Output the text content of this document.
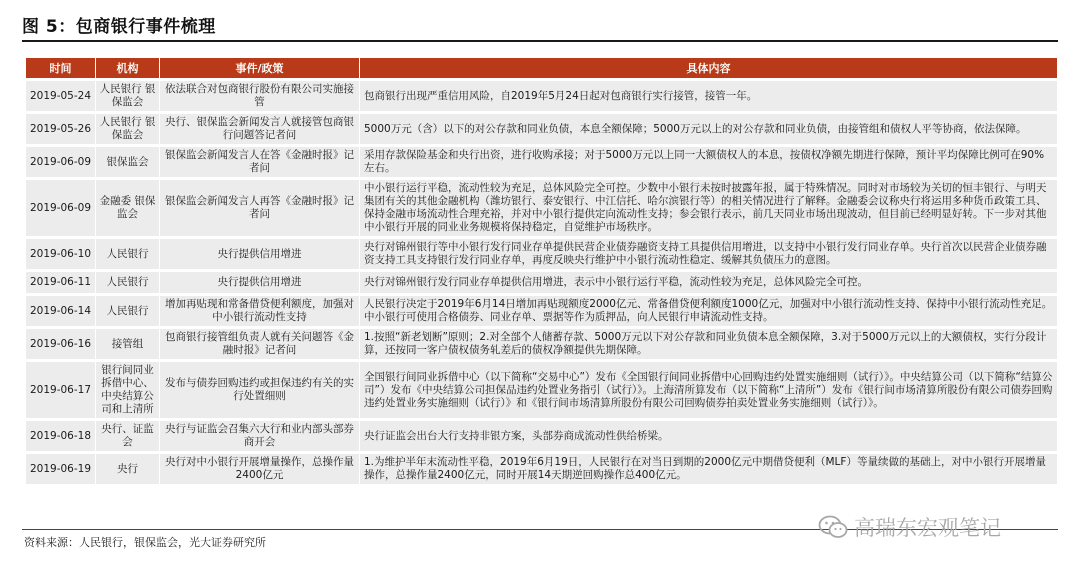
图 5：包商银行事件梳理
时间	机构	事件/政策	具体内容
2019-05-24	人民银行 银保监会	依法联合对包商银行股份有限公司实施接管	包商银行出现严重信用风险，自2019年5月24日起对包商银行实行接管，接管一年。
2019-05-26	人民银行 银保监会	央行、银保监会新闻发言人就接管包商银行问题答记者问	5000万元（含）以下的对公存款和同业负债，本息全额保障；5000万元以上的对公存款和同业负债，由接管组和债权人平等协商，依法保障。
2019-06-09	银保监会	银保监会新闻发言人在答《金融时报》记者问	采用存款保险基金和央行出资，进行收购承接；对于5000万元以上同一大额债权人的本息，按债权净额先期进行保障，预计平均保障比例可在90%左右。
2019-06-09	金融委 银保监会	银保监会新闻发言人再答《金融时报》记者问	中小银行运行平稳，流动性较为充足，总体风险完全可控。少数中小银行未按时披露年报，属于特殊情况。同时对市场较为关切的恒丰银行、与明天集团有关的其他金融机构（潍坊银行、泰安银行、中江信托、哈尔滨银行等）的相关情况进行了解释。金融委会议称央行将运用多种货币政策工具、保持金融市场流动性合理充裕，并对中小银行提供定向流动性支持；参会银行表示，前几天同业市场出现波动，但目前已经明显好转。下一步对其他中小银行开展的同业业务规模将保持稳定，自觉维护市场秩序。
2019-06-10	人民银行	央行提供信用增进	央行对锦州银行等中小银行发行同业存单提供民营企业债券融资支持工具提供信用增进，以支持中小银行发行同业存单。央行首次以民营企业债券融资支持工具支持银行发行同业存单，再度反映央行维护中小银行流动性稳定、缓解其负债压力的意图。
2019-06-11	人民银行	央行提供信用增进	央行对锦州银行发行同业存单提供信用增进，表示中小银行运行平稳，流动性较为充足，总体风险完全可控。
2019-06-14	人民银行	增加再贴现和常备借贷便利额度，加强对中小银行流动性支持	人民银行决定于2019年6月14日增加再贴现额度2000亿元、常备借贷便利额度1000亿元，加强对中小银行流动性支持、保持中小银行流动性充足。中小银行可使用合格债券、同业存单、票据等作为质押品，向人民银行申请流动性支持。
2019-06-16	接管组	包商银行接管组负责人就有关问题答《金融时报》记者问	1.按照“新老划断”原则；2.对全部个人储蓄存款、5000万元以下对公存款和同业负债本息全额保障，3.对于5000万元以上的大额债权，实行分段计算，还按同一客户债权债务轧差后的债权净额提供先期保障。
2019-06-17	银行间同业拆借中心、中央结算公司和上清所	发布与债券回购违约或担保违约有关的实行处置细则	全国银行间同业拆借中心（以下简称“交易中心”）发布《全国银行间同业拆借中心回购违约处置实施细则（试行）》。中央结算公司（以下简称“结算公司”）发布《中央结算公司担保品违约处置业务指引（试行）》。上海清所算发布（以下简称“上清所”）发布《银行间市场清算所股份有限公司债券回购违约处置业务实施细则（试行）》和《银行间市场清算所股份有限公司回购债券拍卖处置业务实施细则（试行）》。
2019-06-18	央行、证监会	央行与证监会召集六大行和业内部头部券商开会	央行证监会出台大行支持非银方案，头部券商成流动性供给桥梁。
2019-06-19	央行	央行对中小银行开展增量操作，总操作量2400亿元	1.为维护半年末流动性平稳，2019年6月19日，人民银行在对当日到期的2000亿元中期借贷便利（MLF）等量续做的基础上，对中小银行开展增量操作，总操作量2400亿元，同时开展14天期逆回购操作总400亿元。
资料来源：人民银行，银保监会，光大证券研究所
高瑞东宏观笔记
